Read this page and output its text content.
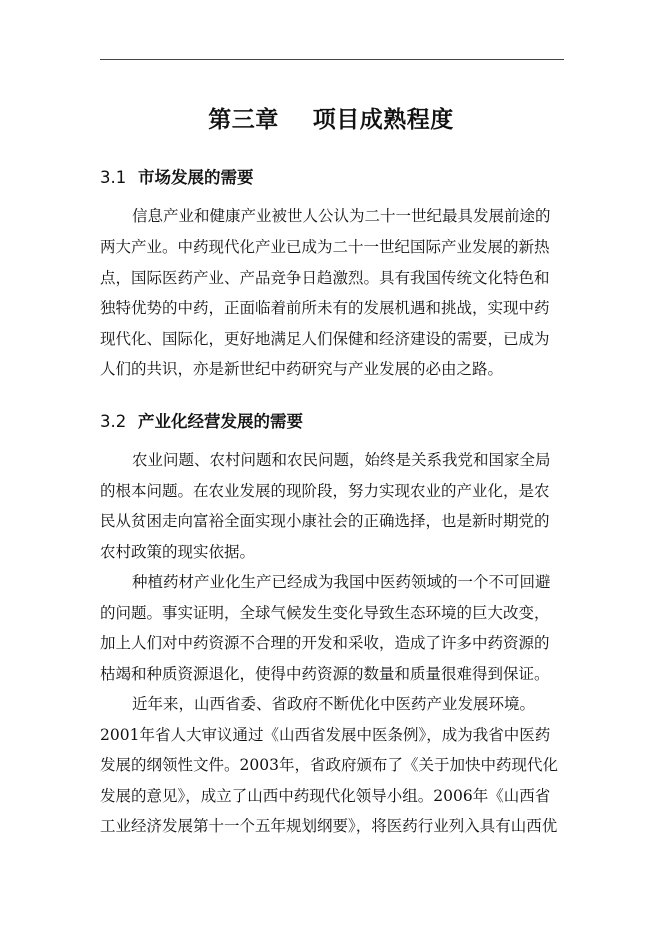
第三章    项目成熟程度
3.1 市场发展的需要
信息产业和健康产业被世人公认为二十一世纪最具发展前途的
两大产业。中药现代化产业已成为二十一世纪国际产业发展的新热
点，国际医药产业、产品竞争日趋激烈。具有我国传统文化特色和
独特优势的中药，正面临着前所未有的发展机遇和挑战，实现中药
现代化、国际化，更好地满足人们保健和经济建设的需要，已成为
人们的共识，亦是新世纪中药研究与产业发展的必由之路。
3.2 产业化经营发展的需要
农业问题、农村问题和农民问题，始终是关系我党和国家全局
的根本问题。在农业发展的现阶段，努力实现农业的产业化，是农
民从贫困走向富裕全面实现小康社会的正确选择，也是新时期党的
农村政策的现实依据。
种植药材产业化生产已经成为我国中医药领域的一个不可回避
的问题。事实证明，全球气候发生变化导致生态环境的巨大改变，
加上人们对中药资源不合理的开发和采收，造成了许多中药资源的
枯竭和种质资源退化，使得中药资源的数量和质量很难得到保证。
近年来，山西省委、省政府不断优化中医药产业发展环境。
2001年省人大审议通过《山西省发展中医条例》，成为我省中医药
发展的纲领性文件。2003年，省政府颁布了《关于加快中药现代化
发展的意见》，成立了山西中药现代化领导小组。2006年《山西省
工业经济发展第十一个五年规划纲要》，将医药行业列入具有山西优
